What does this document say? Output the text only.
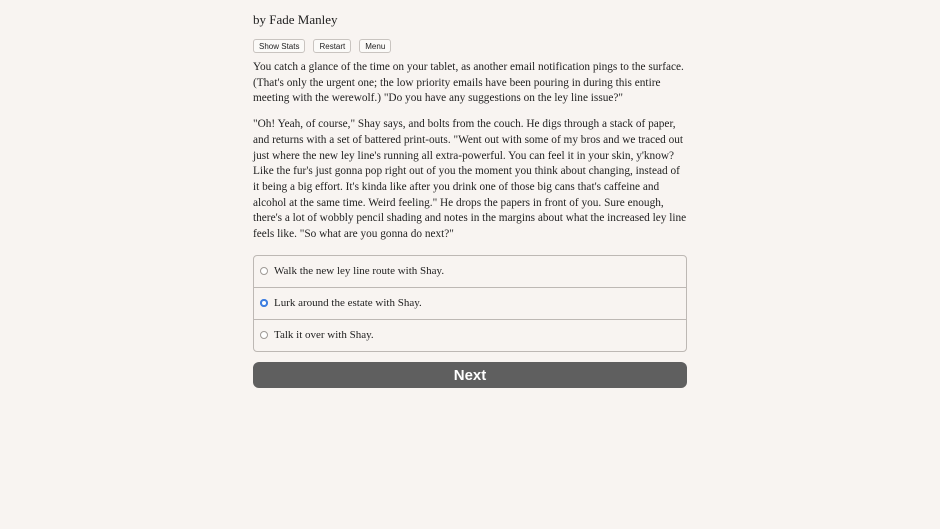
by Fade Manley
Show Stats	Restart	Menu

You catch a glance of the time on your tablet, as another email notification pings to the surface. (That's only the urgent one; the low priority emails have been pouring in during this entire meeting with the werewolf.) "Do you have any suggestions on the ley line issue?"

"Oh! Yeah, of course," Shay says, and bolts from the couch. He digs through a stack of paper, and returns with a set of battered print-outs. "Went out with some of my bros and we traced out just where the new ley line's running all extra-powerful. You can feel it in your skin, y'know? Like the fur's just gonna pop right out of you the moment you think about changing, instead of it being a big effort. It's kinda like after you drink one of those big cans that's caffeine and alcohol at the same time. Weird feeling." He drops the papers in front of you. Sure enough, there's a lot of wobbly pencil shading and notes in the margins about what the increased ley line feels like. "So what are you gonna do next?"

Walk the new ley line route with Shay.
Lurk around the estate with Shay.
Talk it over with Shay.
Next
